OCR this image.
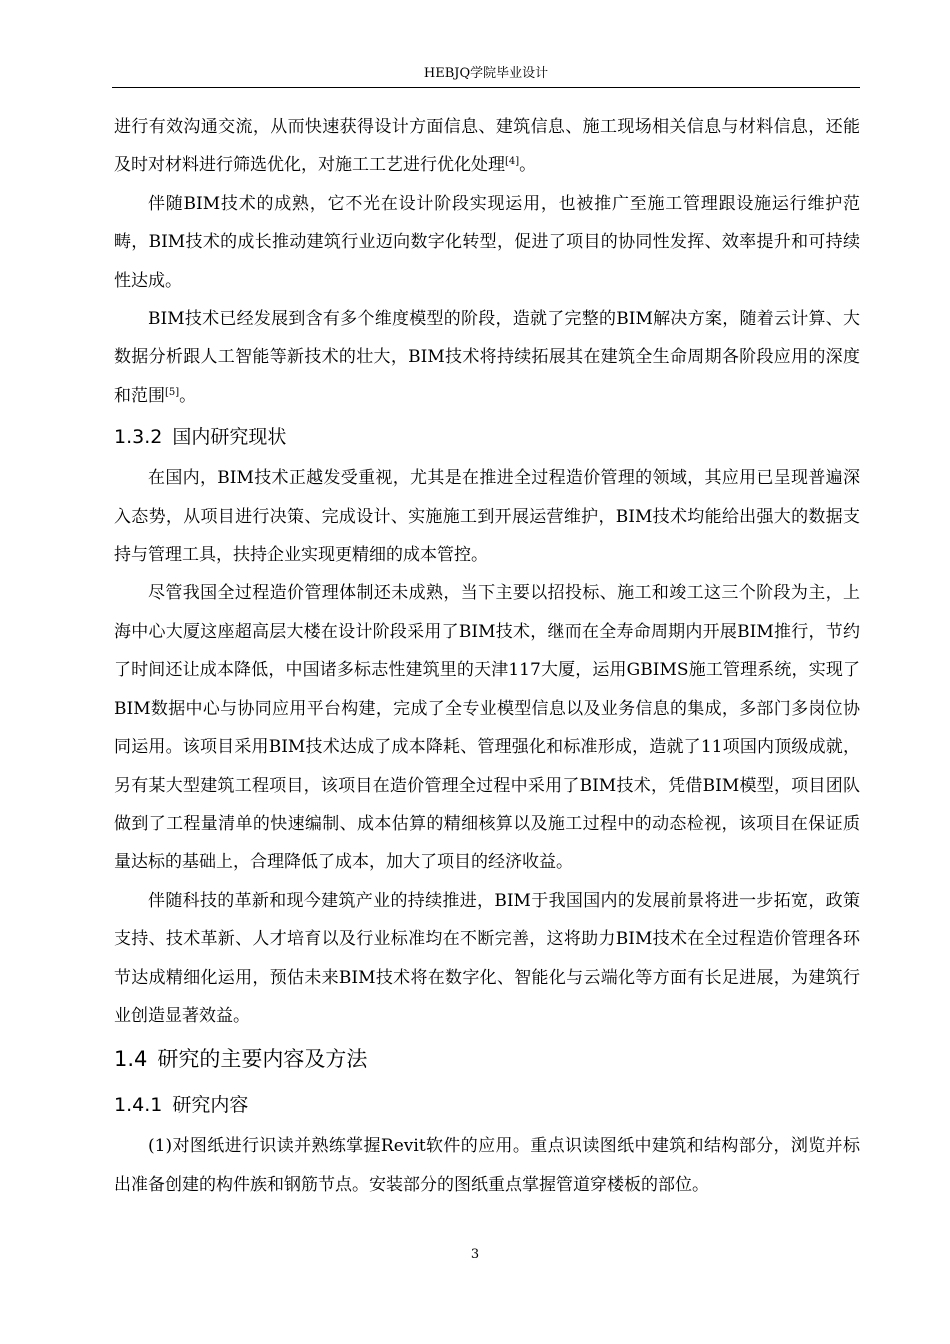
HEBJQ学院毕业设计

进行有效沟通交流，从而快速获得设计方面信息、建筑信息、施工现场相关信息与材料信息，还能及时对材料进行筛选优化，对施工工艺进行优化处理[4]。

伴随BIM技术的成熟，它不光在设计阶段实现运用，也被推广至施工管理跟设施运行维护范畴，BIM技术的成长推动建筑行业迈向数字化转型，促进了项目的协同性发挥、效率提升和可持续性达成。

BIM技术已经发展到含有多个维度模型的阶段，造就了完整的BIM解决方案，随着云计算、大数据分析跟人工智能等新技术的壮大，BIM技术将持续拓展其在建筑全生命周期各阶段应用的深度和范围[5]。

1.3.2 国内研究现状

在国内，BIM技术正越发受重视，尤其是在推进全过程造价管理的领域，其应用已呈现普遍深入态势，从项目进行决策、完成设计、实施施工到开展运营维护，BIM技术均能给出强大的数据支持与管理工具，扶持企业实现更精细的成本管控。

尽管我国全过程造价管理体制还未成熟，当下主要以招投标、施工和竣工这三个阶段为主，上海中心大厦这座超高层大楼在设计阶段采用了BIM技术，继而在全寿命周期内开展BIM推行，节约了时间还让成本降低，中国诸多标志性建筑里的天津117大厦，运用GBIMS施工管理系统，实现了BIM数据中心与协同应用平台构建，完成了全专业模型信息以及业务信息的集成，多部门多岗位协同运用。该项目采用BIM技术达成了成本降耗、管理强化和标准形成，造就了11项国内顶级成就，另有某大型建筑工程项目，该项目在造价管理全过程中采用了BIM技术，凭借BIM模型，项目团队做到了工程量清单的快速编制、成本估算的精细核算以及施工过程中的动态检视，该项目在保证质量达标的基础上，合理降低了成本，加大了项目的经济收益。

伴随科技的革新和现今建筑产业的持续推进，BIM于我国国内的发展前景将进一步拓宽，政策支持、技术革新、人才培育以及行业标准均在不断完善，这将助力BIM技术在全过程造价管理各环节达成精细化运用，预估未来BIM技术将在数字化、智能化与云端化等方面有长足进展，为建筑行业创造显著效益。

1.4 研究的主要内容及方法
1.4.1 研究内容

(1)对图纸进行识读并熟练掌握Revit软件的应用。重点识读图纸中建筑和结构部分，浏览并标出准备创建的构件族和钢筋节点。安装部分的图纸重点掌握管道穿楼板的部位。

3
